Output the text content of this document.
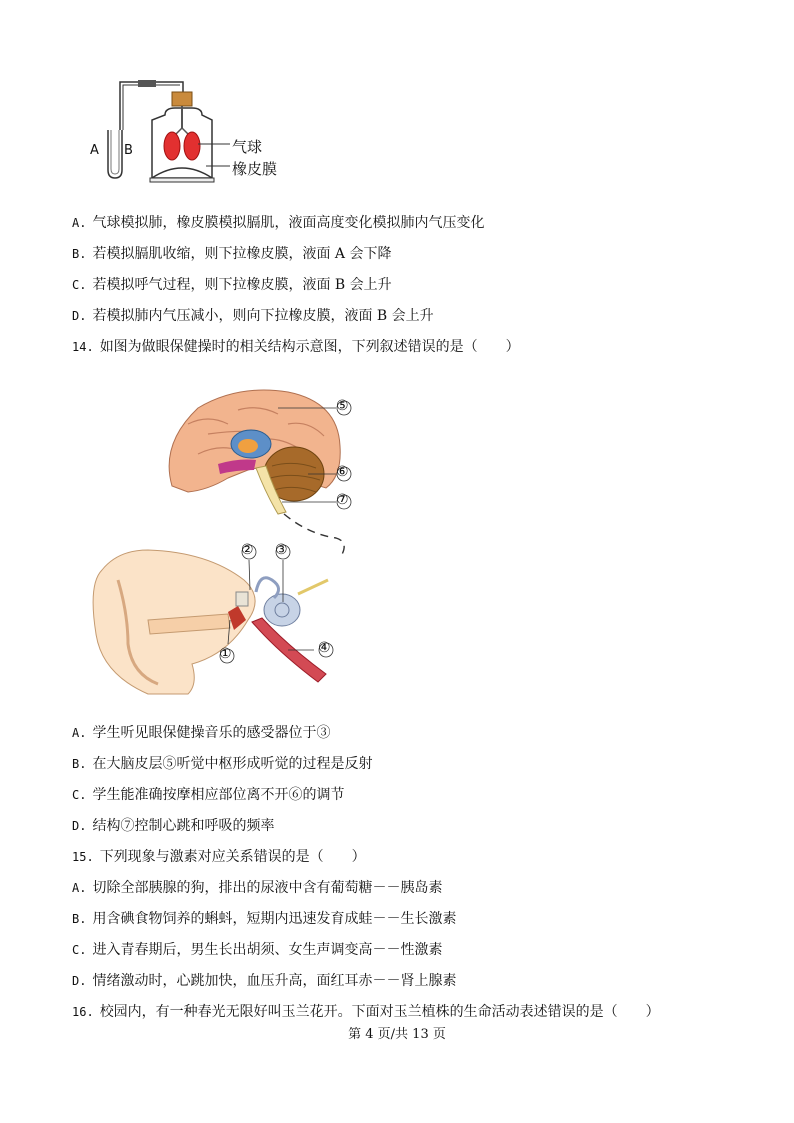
A B	气球
橡皮膜
A. 气球模拟肺，橡皮膜模拟膈肌，液面高度变化模拟肺内气压变化
B. 若模拟膈肌收缩，则下拉橡皮膜，液面 A 会下降
C. 若模拟呼气过程，则下拉橡皮膜，液面 B 会上升
D. 若模拟肺内气压减小，则向下拉橡皮膜，液面 B 会上升
14. 如图为做眼保健操时的相关结构示意图，下列叙述错误的是（　　）
⑤
⑥
⑦
② ③
①	④
A. 学生听见眼保健操音乐的感受器位于③
B. 在大脑皮层⑤听觉中枢形成听觉的过程是反射
C. 学生能准确按摩相应部位离不开⑥的调节
D. 结构⑦控制心跳和呼吸的频率
15. 下列现象与激素对应关系错误的是（　　）
A. 切除全部胰腺的狗，排出的尿液中含有葡萄糖－－胰岛素
B. 用含碘食物饲养的蝌蚪，短期内迅速发育成蛙－－生长激素
C. 进入青春期后，男生长出胡须、女生声调变高－－性激素
D. 情绪激动时，心跳加快，血压升高，面红耳赤－－肾上腺素
16. 校园内，有一种春光无限好叫玉兰花开。下面对玉兰植株的生命活动表述错误的是（　　）
第 4 页/共 13 页
